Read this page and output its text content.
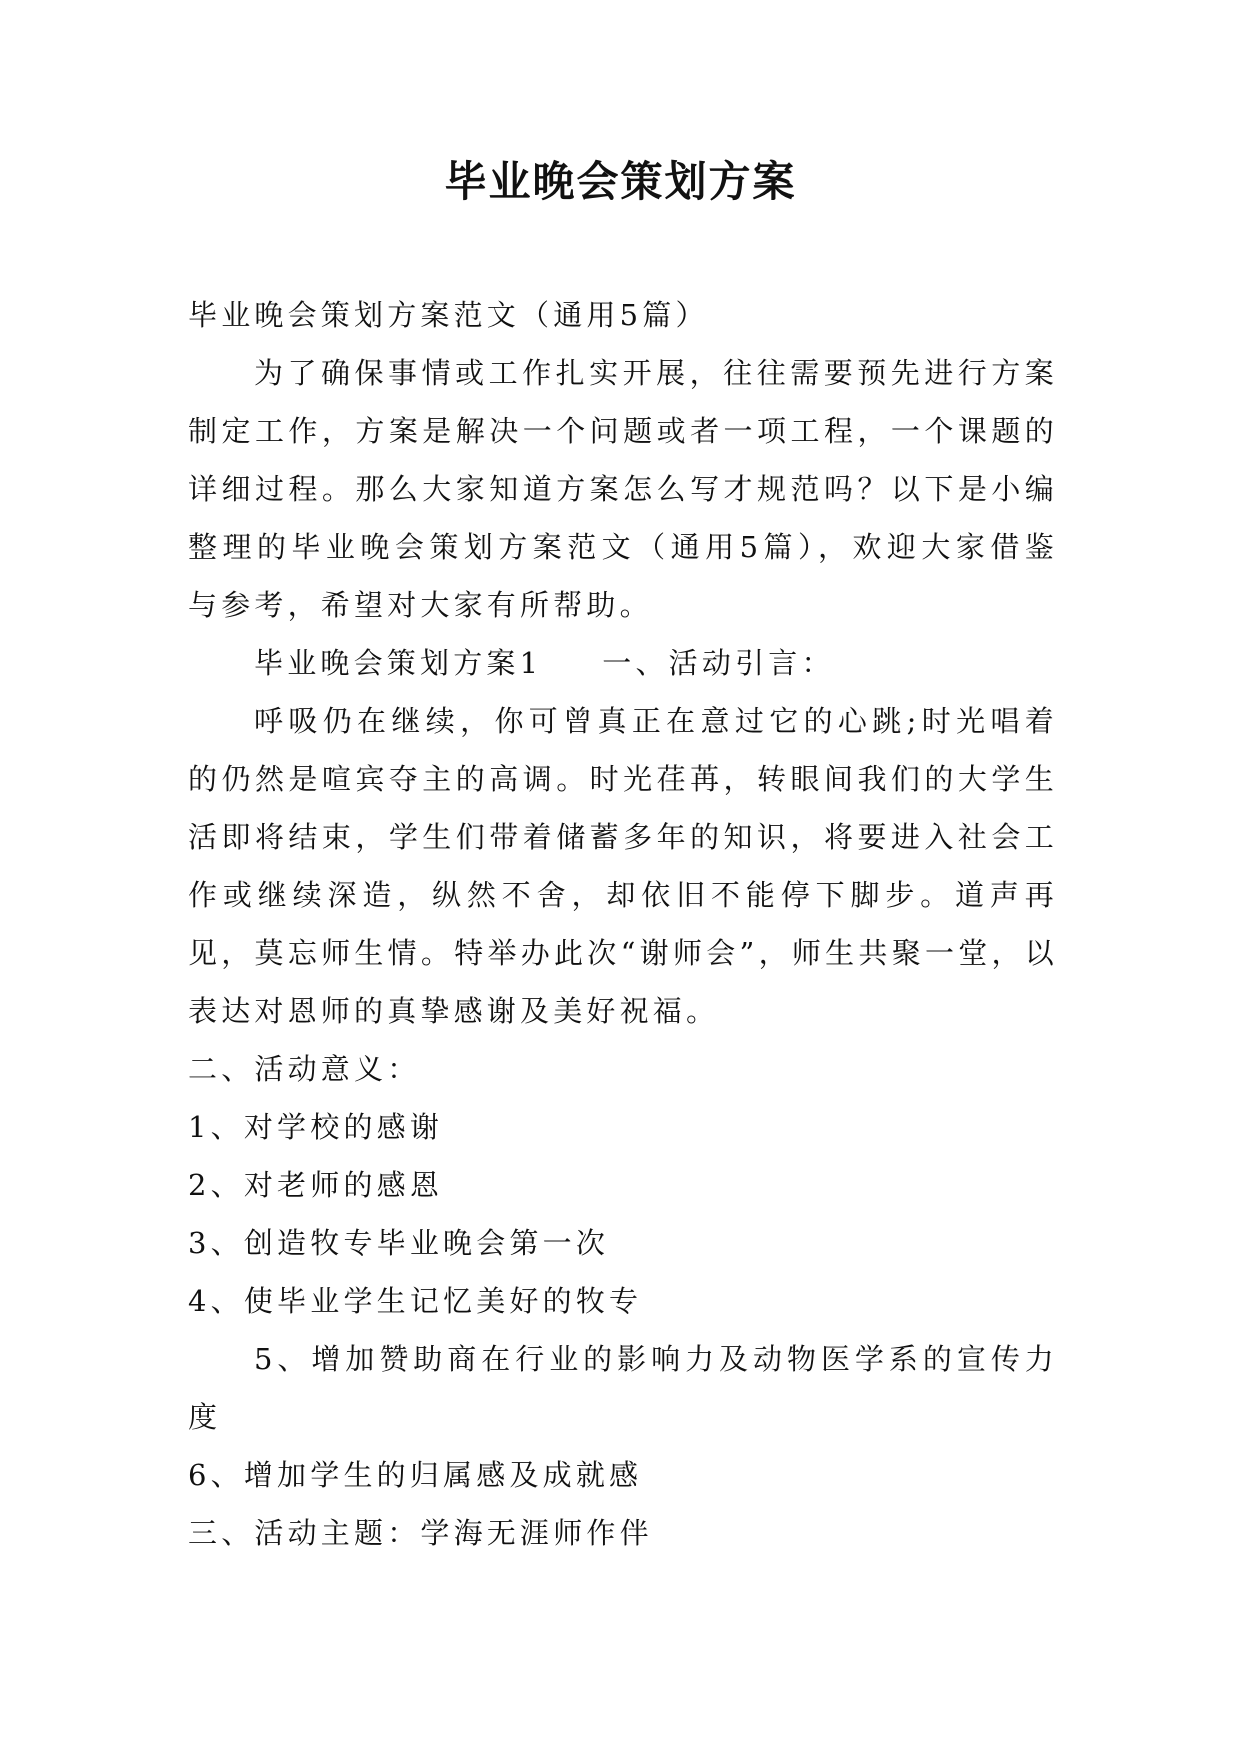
毕业晚会策划方案

毕业晚会策划方案范文（通用5篇）

为了确保事情或工作扎实开展，往往需要预先进行方案制定工作，方案是解决一个问题或者一项工程，一个课题的详细过程。那么大家知道方案怎么写才规范吗？以下是小编整理的毕业晚会策划方案范文（通用5篇），欢迎大家借鉴与参考，希望对大家有所帮助。

毕业晚会策划方案1 一、活动引言：

呼吸仍在继续，你可曾真正在意过它的心跳;时光唱着的仍然是喧宾夺主的高调。时光荏苒，转眼间我们的大学生活即将结束，学生们带着储蓄多年的知识，将要进入社会工作或继续深造，纵然不舍，却依旧不能停下脚步。道声再见，莫忘师生情。特举办此次“谢师会”，师生共聚一堂，以表达对恩师的真挚感谢及美好祝福。

二、活动意义：

1、对学校的感谢

2、对老师的感恩

3、创造牧专毕业晚会第一次

4、使毕业学生记忆美好的牧专

5、增加赞助商在行业的影响力及动物医学系的宣传力度

6、增加学生的归属感及成就感

三、活动主题：学海无涯师作伴
